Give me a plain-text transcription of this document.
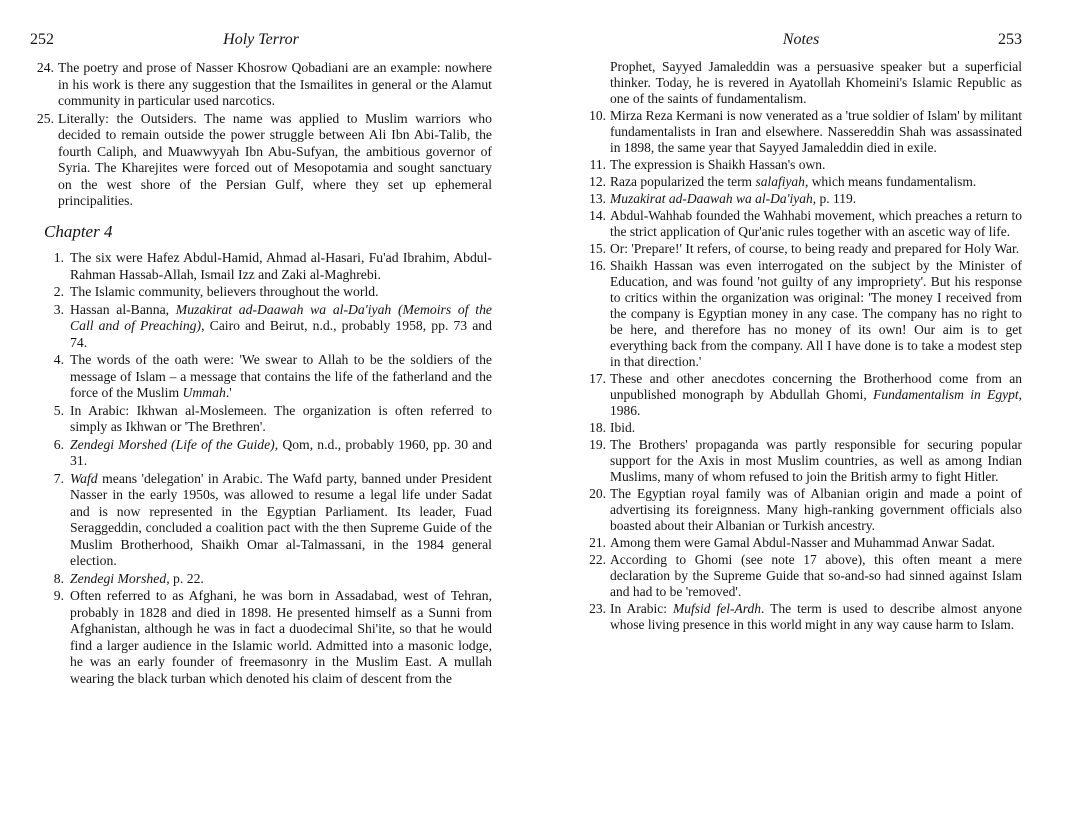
252	Holy Terror
24. The poetry and prose of Nasser Khosrow Qobadiani are an example: nowhere in his work is there any suggestion that the Ismailites in general or the Alamut community in particular used narcotics.
25. Literally: the Outsiders. The name was applied to Muslim warriors who decided to remain outside the power struggle between Ali Ibn Abi-Talib, the fourth Caliph, and Muawwyyah Ibn Abu-Sufyan, the ambitious governor of Syria. The Kharejites were forced out of Mesopotamia and sought sanctuary on the west shore of the Persian Gulf, where they set up ephemeral principalities.
Chapter 4
1. The six were Hafez Abdul-Hamid, Ahmad al-Hasari, Fu'ad Ibrahim, Abdul-Rahman Hassab-Allah, Ismail Izz and Zaki al-Maghrebi.
2. The Islamic community, believers throughout the world.
3. Hassan al-Banna, Muzakirat ad-Daawah wa al-Da'iyah (Memoirs of the Call and of Preaching), Cairo and Beirut, n.d., probably 1958, pp. 73 and 74.
4. The words of the oath were: 'We swear to Allah to be the soldiers of the message of Islam – a message that contains the life of the fatherland and the force of the Muslim Ummah.'
5. In Arabic: Ikhwan al-Moslemeen. The organization is often referred to simply as Ikhwan or 'The Brethren'.
6. Zendegi Morshed (Life of the Guide), Qom, n.d., probably 1960, pp. 30 and 31.
7. Wafd means 'delegation' in Arabic. The Wafd party, banned under President Nasser in the early 1950s, was allowed to resume a legal life under Sadat and is now represented in the Egyptian Parliament. Its leader, Fuad Seraggeddin, concluded a coalition pact with the then Supreme Guide of the Muslim Brotherhood, Shaikh Omar al-Talmassani, in the 1984 general election.
8. Zendegi Morshed, p. 22.
9. Often referred to as Afghani, he was born in Assadabad, west of Tehran, probably in 1828 and died in 1898. He presented himself as a Sunni from Afghanistan, although he was in fact a duodecimal Shi'ite, so that he would find a larger audience in the Islamic world. Admitted into a masonic lodge, he was an early founder of freemasonry in the Muslim East. A mullah wearing the black turban which denoted his claim of descent from the
Notes	253
Prophet, Sayyed Jamaleddin was a persuasive speaker but a superficial thinker. Today, he is revered in Ayatollah Khomeini's Islamic Republic as one of the saints of fundamentalism.
10. Mirza Reza Kermani is now venerated as a 'true soldier of Islam' by militant fundamentalists in Iran and elsewhere. Nassereddin Shah was assassinated in 1898, the same year that Sayyed Jamaleddin died in exile.
11. The expression is Shaikh Hassan's own.
12. Raza popularized the term salafiyah, which means fundamentalism.
13. Muzakirat ad-Daawah wa al-Da'iyah, p. 119.
14. Abdul-Wahhab founded the Wahhabi movement, which preaches a return to the strict application of Qur'anic rules together with an ascetic way of life.
15. Or: 'Prepare!' It refers, of course, to being ready and prepared for Holy War.
16. Shaikh Hassan was even interrogated on the subject by the Minister of Education, and was found 'not guilty of any impropriety'. But his response to critics within the organization was original: 'The money I received from the company is Egyptian money in any case. The company has no right to be here, and therefore has no money of its own! Our aim is to get everything back from the company. All I have done is to take a modest step in that direction.'
17. These and other anecdotes concerning the Brotherhood come from an unpublished monograph by Abdullah Ghomi, Fundamentalism in Egypt, 1986.
18. Ibid.
19. The Brothers' propaganda was partly responsible for securing popular support for the Axis in most Muslim countries, as well as among Indian Muslims, many of whom refused to join the British army to fight Hitler.
20. The Egyptian royal family was of Albanian origin and made a point of advertising its foreignness. Many high-ranking government officials also boasted about their Albanian or Turkish ancestry.
21. Among them were Gamal Abdul-Nasser and Muhammad Anwar Sadat.
22. According to Ghomi (see note 17 above), this often meant a mere declaration by the Supreme Guide that so-and-so had sinned against Islam and had to be 'removed'.
23. In Arabic: Mufsid fel-Ardh. The term is used to describe almost anyone whose living presence in this world might in any way cause harm to Islam.
